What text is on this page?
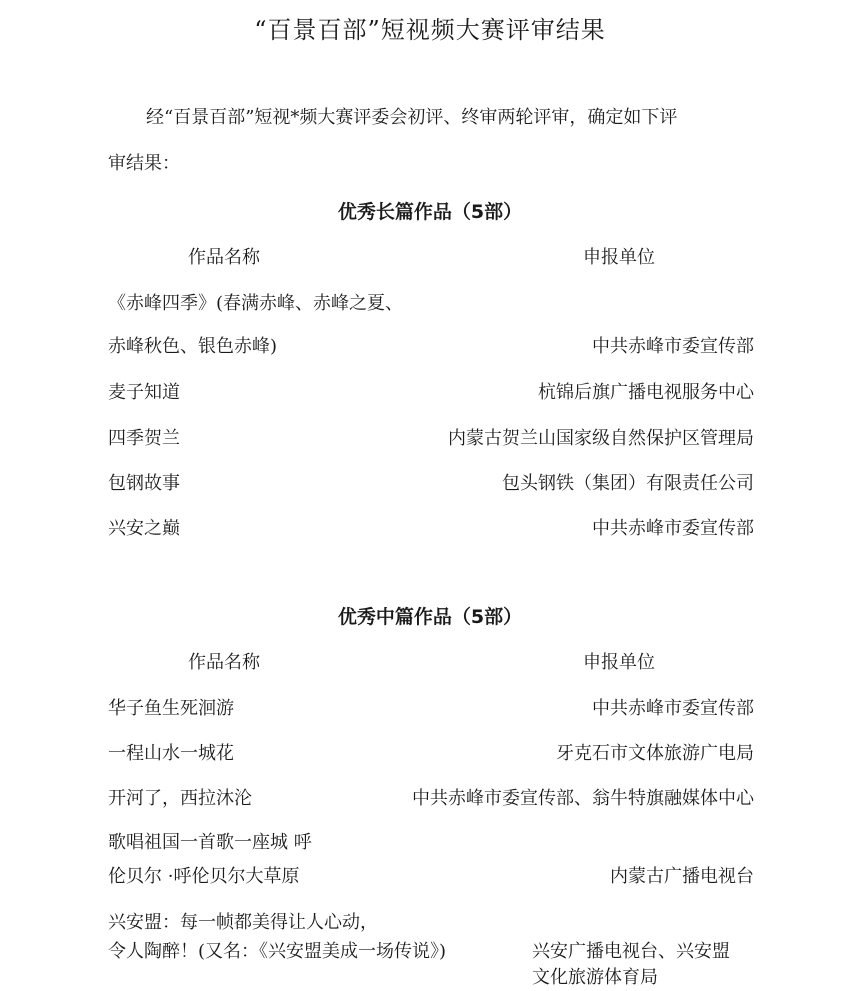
“百景百部”短视频大赛评审结果
经“百景百部”短视*频大赛评委会初评、终审两轮评审，确定如下评
审结果：
优秀长篇作品（5部）
作品名称	申报单位
《赤峰四季》(春满赤峰、赤峰之夏、
赤峰秋色、银色赤峰)	中共赤峰市委宣传部
麦子知道	杭锦后旗广播电视服务中心
四季贺兰	内蒙古贺兰山国家级自然保护区管理局
包钢故事	包头钢铁（集团）有限责任公司
兴安之巅	中共赤峰市委宣传部
优秀中篇作品（5部）
作品名称	申报单位
华子鱼生死洄游	中共赤峰市委宣传部
一程山水一城花	牙克石市文体旅游广电局
开河了，西拉沐沦	中共赤峰市委宣传部、翁牛特旗融媒体中心
歌唱祖国一首歌一座城 呼
伦贝尔 ·呼伦贝尔大草原	内蒙古广播电视台
兴安盟：每一帧都美得让人心动，
令人陶醉！(又名：《兴安盟美成一场传说》)	兴安广播电视台、兴安盟
文化旅游体育局
